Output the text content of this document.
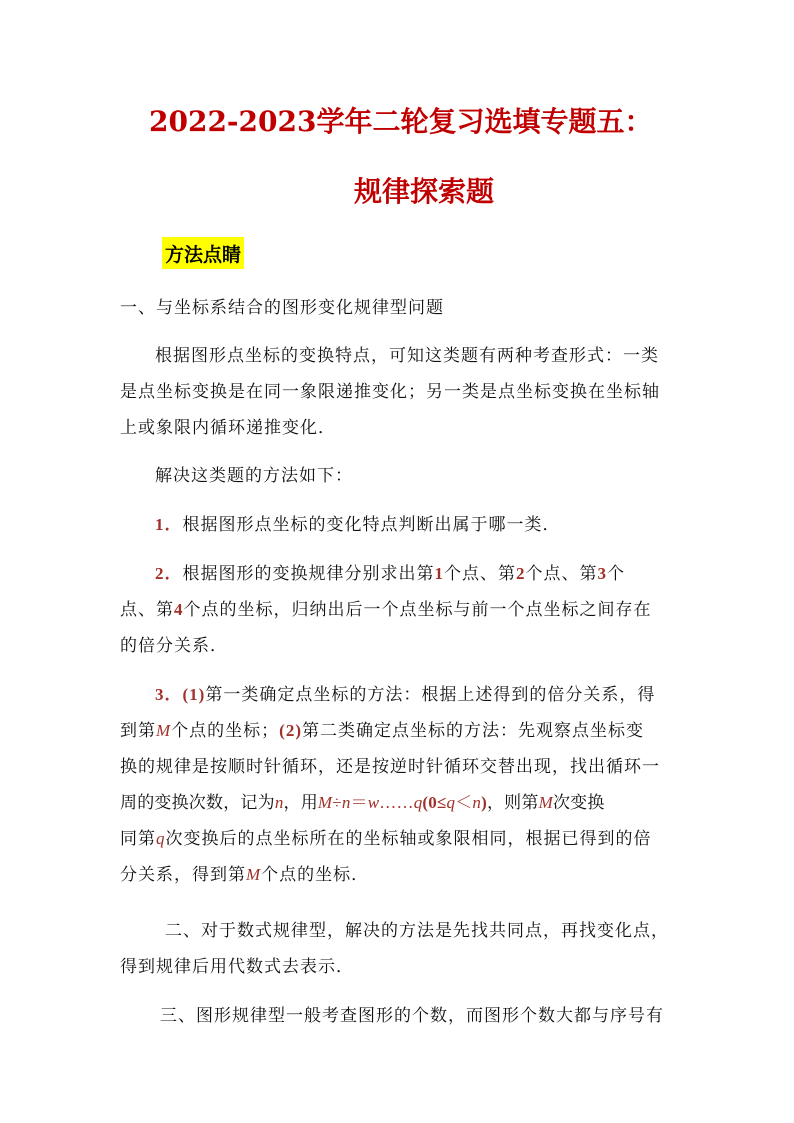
2022-2023学年二轮复习选填专题五：
规律探索题
方法点睛
一、与坐标系结合的图形变化规律型问题
根据图形点坐标的变换特点，可知这类题有两种考查形式：一类
是点坐标变换是在同一象限递推变化；另一类是点坐标变换在坐标轴
上或象限内循环递推变化．
解决这类题的方法如下：
1．根据图形点坐标的变化特点判断出属于哪一类．
2．根据图形的变换规律分别求出第1个点、第2个点、第3个
点、第4个点的坐标，归纳出后一个点坐标与前一个点坐标之间存在
的倍分关系．
3．(1)第一类确定点坐标的方法：根据上述得到的倍分关系，得
到第M个点的坐标；(2)第二类确定点坐标的方法：先观察点坐标变
换的规律是按顺时针循环，还是按逆时针循环交替出现，找出循环一
周的变换次数，记为n，用M÷n＝w……q(0≤q＜n)，则第M次变换
同第q次变换后的点坐标所在的坐标轴或象限相同，根据已得到的倍
分关系，得到第M个点的坐标．
二、对于数式规律型，解决的方法是先找共同点，再找变化点，
得到规律后用代数式去表示．
三、图形规律型一般考查图形的个数，而图形个数大都与序号有
